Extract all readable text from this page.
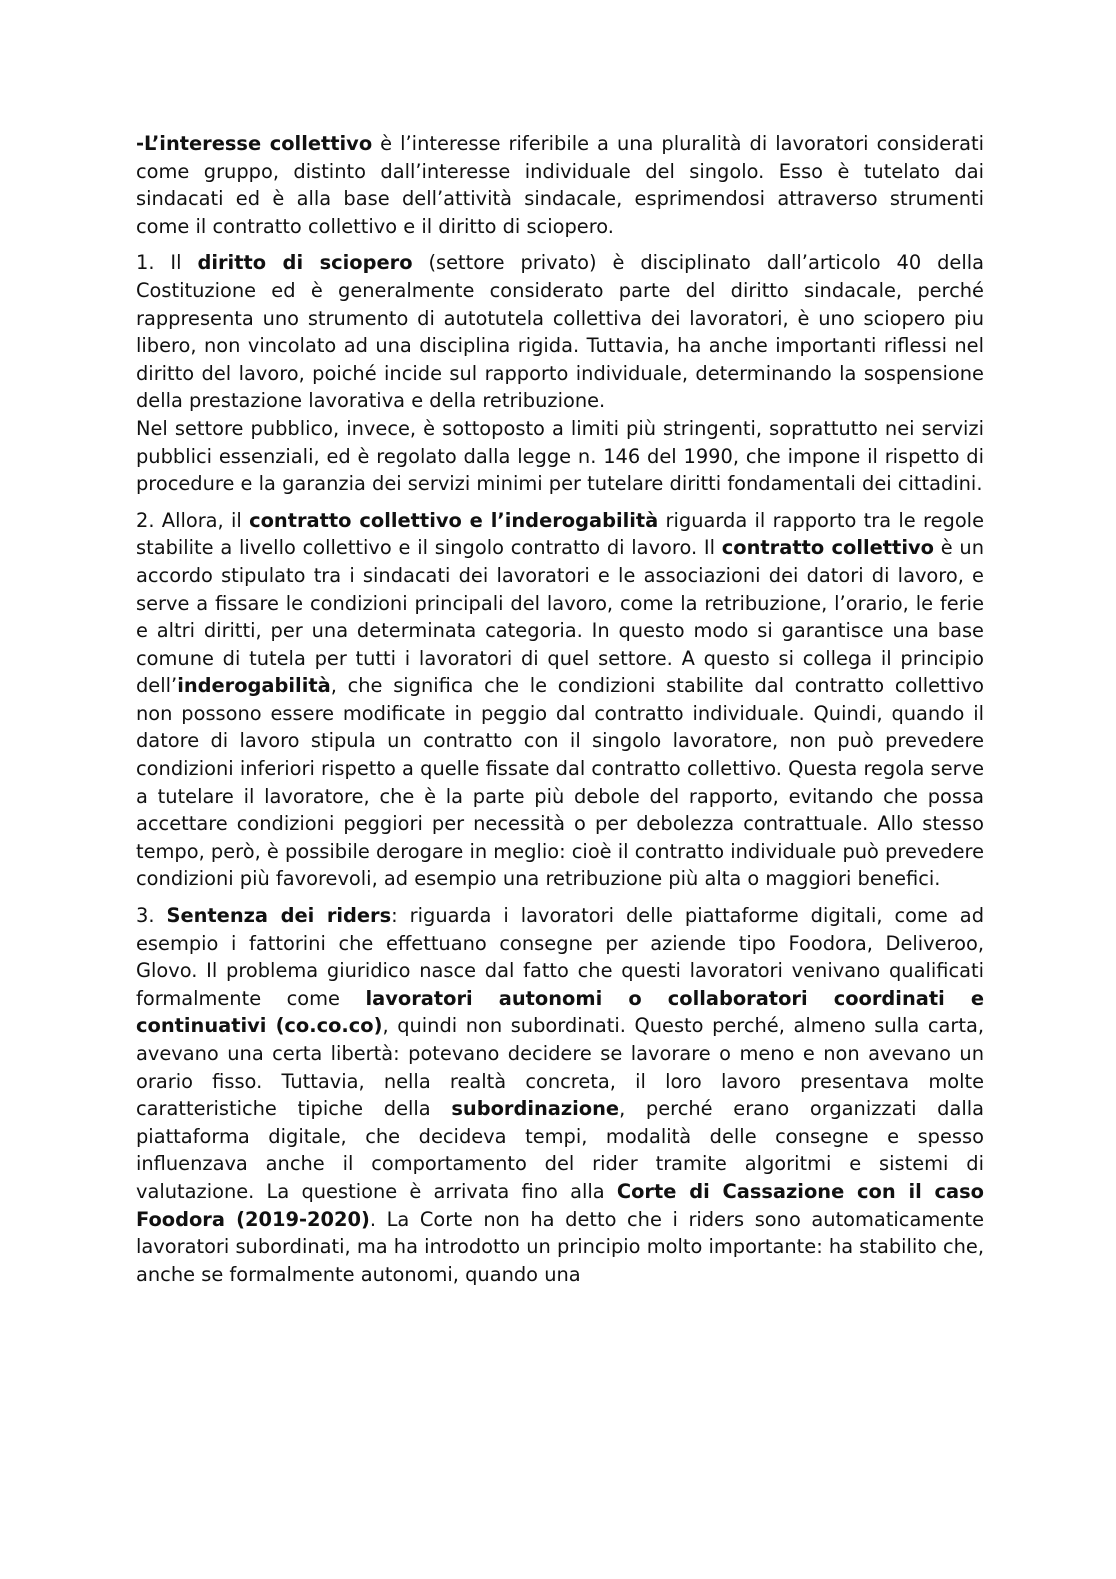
-L’interesse collettivo è l’interesse riferibile a una pluralità di lavoratori considerati come gruppo, distinto dall’interesse individuale del singolo. Esso è tutelato dai sindacati ed è alla base dell’attività sindacale, esprimendosi attraverso strumenti come il contratto collettivo e il diritto di sciopero.

1. Il diritto di sciopero (settore privato) è disciplinato dall’articolo 40 della Costituzione ed è generalmente considerato parte del diritto sindacale, perché rappresenta uno strumento di autotutela collettiva dei lavoratori, è uno sciopero piu libero, non vincolato ad una disciplina rigida. Tuttavia, ha anche importanti riflessi nel diritto del lavoro, poiché incide sul rapporto individuale, determinando la sospensione della prestazione lavorativa e della retribuzione.
Nel settore pubblico, invece, è sottoposto a limiti più stringenti, soprattutto nei servizi pubblici essenziali, ed è regolato dalla legge n. 146 del 1990, che impone il rispetto di procedure e la garanzia dei servizi minimi per tutelare diritti fondamentali dei cittadini.

2. Allora, il contratto collettivo e l’inderogabilità riguarda il rapporto tra le regole stabilite a livello collettivo e il singolo contratto di lavoro. Il contratto collettivo è un accordo stipulato tra i sindacati dei lavoratori e le associazioni dei datori di lavoro, e serve a fissare le condizioni principali del lavoro, come la retribuzione, l’orario, le ferie e altri diritti, per una determinata categoria. In questo modo si garantisce una base comune di tutela per tutti i lavoratori di quel settore. A questo si collega il principio dell’inderogabilità, che significa che le condizioni stabilite dal contratto collettivo non possono essere modificate in peggio dal contratto individuale. Quindi, quando il datore di lavoro stipula un contratto con il singolo lavoratore, non può prevedere condizioni inferiori rispetto a quelle fissate dal contratto collettivo. Questa regola serve a tutelare il lavoratore, che è la parte più debole del rapporto, evitando che possa accettare condizioni peggiori per necessità o per debolezza contrattuale. Allo stesso tempo, però, è possibile derogare in meglio: cioè il contratto individuale può prevedere condizioni più favorevoli, ad esempio una retribuzione più alta o maggiori benefici.

3. Sentenza dei riders: riguarda i lavoratori delle piattaforme digitali, come ad esempio i fattorini che effettuano consegne per aziende tipo Foodora, Deliveroo, Glovo. Il problema giuridico nasce dal fatto che questi lavoratori venivano qualificati formalmente come lavoratori autonomi o collaboratori coordinati e continuativi (co.co.co), quindi non subordinati. Questo perché, almeno sulla carta, avevano una certa libertà: potevano decidere se lavorare o meno e non avevano un orario fisso. Tuttavia, nella realtà concreta, il loro lavoro presentava molte caratteristiche tipiche della subordinazione, perché erano organizzati dalla piattaforma digitale, che decideva tempi, modalità delle consegne e spesso influenzava anche il comportamento del rider tramite algoritmi e sistemi di valutazione. La questione è arrivata fino alla Corte di Cassazione con il caso Foodora (2019-2020). La Corte non ha detto che i riders sono automaticamente lavoratori subordinati, ma ha introdotto un principio molto importante: ha stabilito che, anche se formalmente autonomi, quando una
